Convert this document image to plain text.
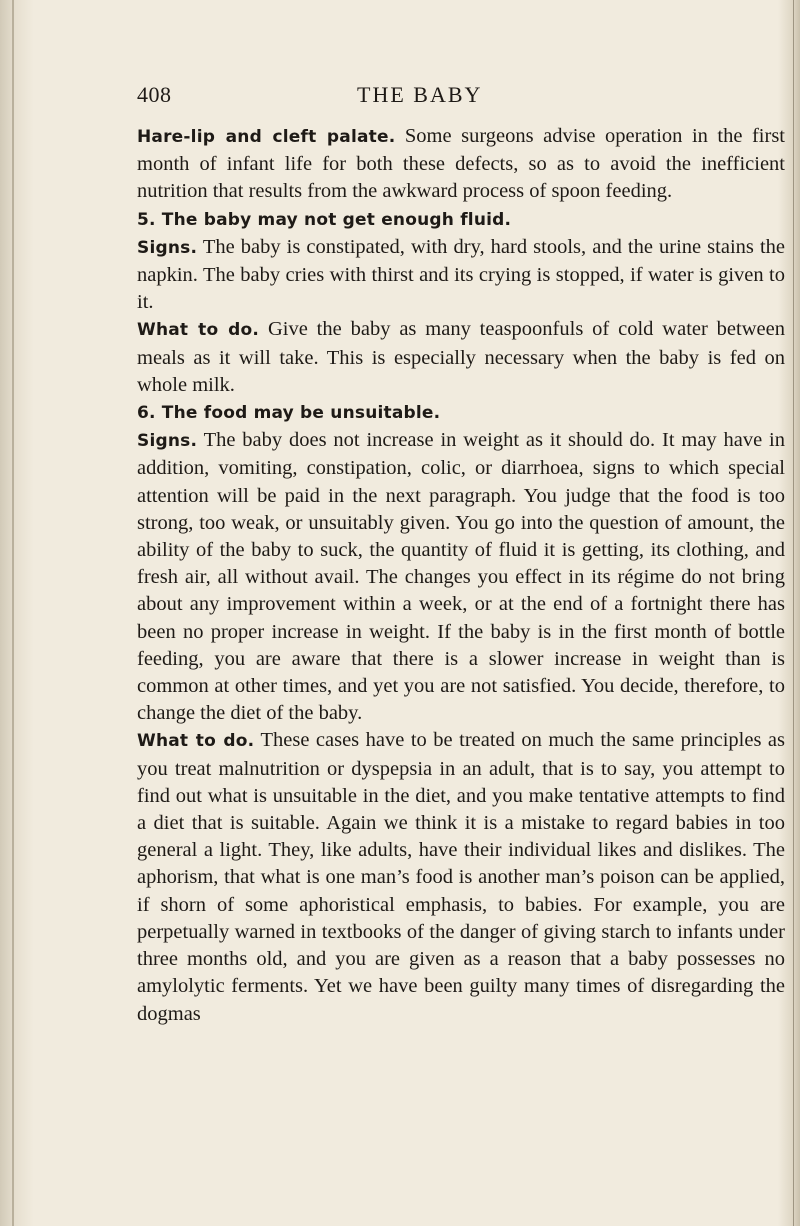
408	THE BABY

Hare-lip and cleft palate. Some surgeons advise operation in the first month of infant life for both these defects, so as to avoid the inefficient nutrition that results from the awkward process of spoon feeding.

5. The baby may not get enough fluid.

Signs. The baby is constipated, with dry, hard stools, and the urine stains the napkin. The baby cries with thirst and its crying is stopped, if water is given to it.

What to do. Give the baby as many teaspoonfuls of cold water between meals as it will take. This is especially necessary when the baby is fed on whole milk.

6. The food may be unsuitable.

Signs. The baby does not increase in weight as it should do. It may have in addition, vomiting, constipation, colic, or diarrhoea, signs to which special attention will be paid in the next paragraph. You judge that the food is too strong, too weak, or unsuitably given. You go into the question of amount, the ability of the baby to suck, the quantity of fluid it is getting, its clothing, and fresh air, all without avail. The changes you effect in its régime do not bring about any improvement within a week, or at the end of a fortnight there has been no proper increase in weight. If the baby is in the first month of bottle feeding, you are aware that there is a slower increase in weight than is common at other times, and yet you are not satisfied. You decide, therefore, to change the diet of the baby.

What to do. These cases have to be treated on much the same principles as you treat malnutrition or dyspepsia in an adult, that is to say, you attempt to find out what is unsuitable in the diet, and you make tentative attempts to find a diet that is suitable. Again we think it is a mistake to regard babies in too general a light. They, like adults, have their individual likes and dislikes. The aphorism, that what is one man’s food is another man’s poison can be applied, if shorn of some aphoristical emphasis, to babies. For example, you are perpetually warned in textbooks of the danger of giving starch to infants under three months old, and you are given as a reason that a baby possesses no amylolytic ferments. Yet we have been guilty many times of disregarding the dogmas
